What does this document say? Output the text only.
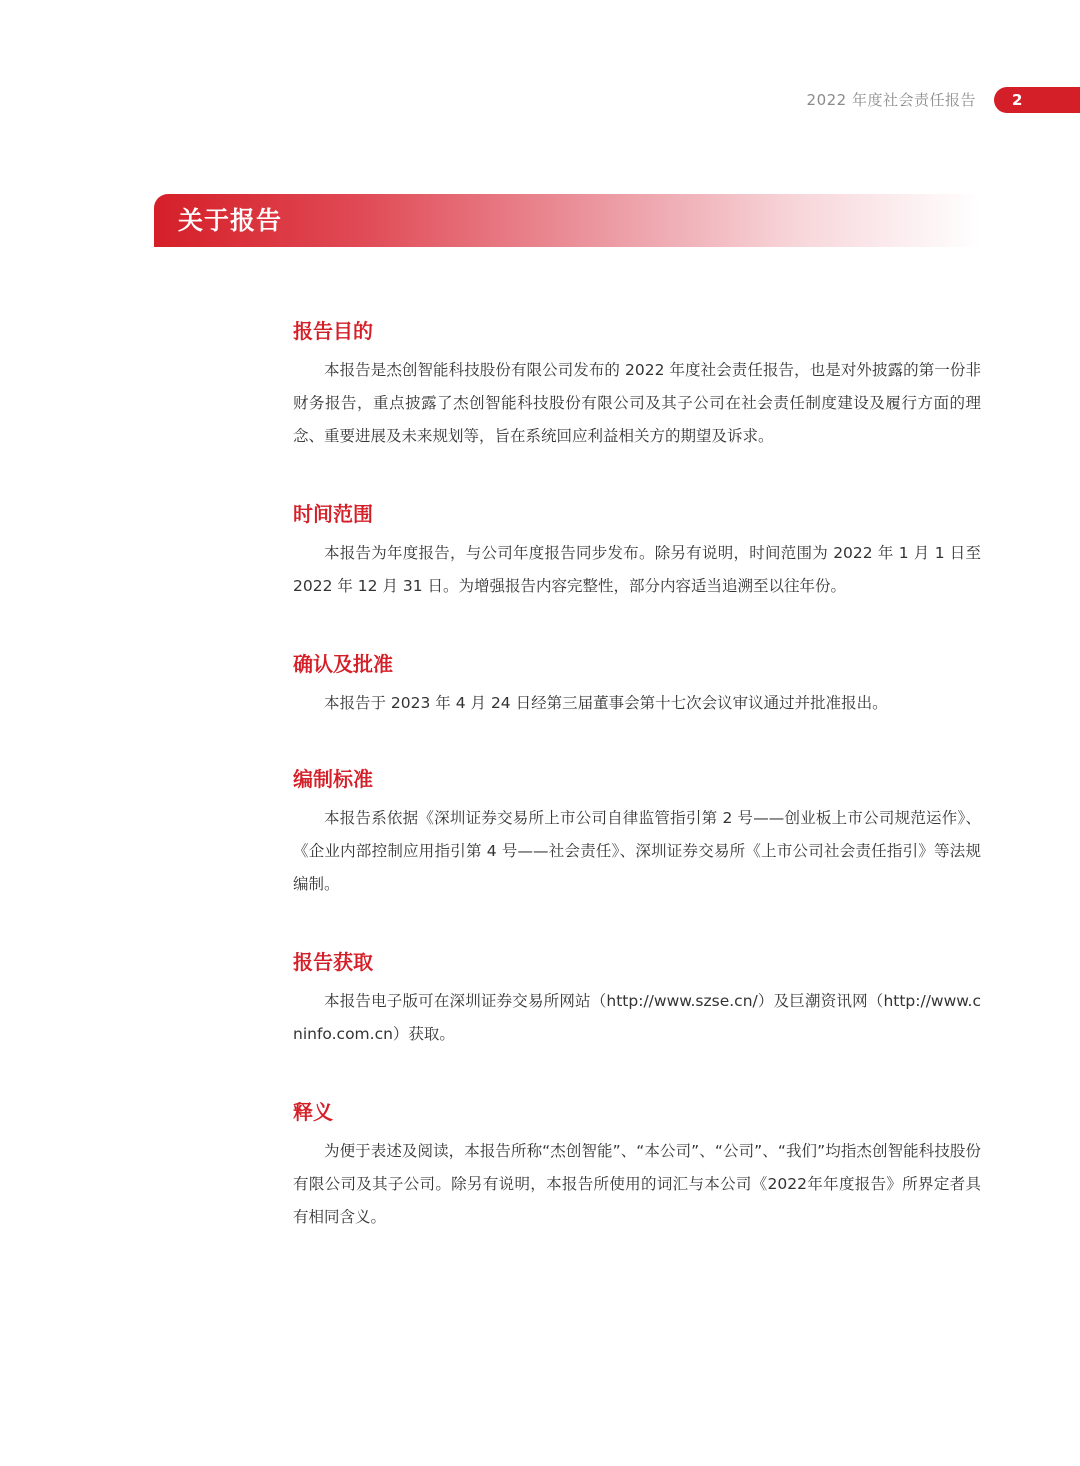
2022 年度社会责任报告 2
关于报告
报告目的

本报告是杰创智能科技股份有限公司发布的 2022 年度社会责任报告，也是对外披露的第一份非财务报告，重点披露了杰创智能科技股份有限公司及其子公司在社会责任制度建设及履行方面的理念、重要进展及未来规划等，旨在系统回应利益相关方的期望及诉求。

时间范围

本报告为年度报告，与公司年度报告同步发布。除另有说明，时间范围为 2022 年 1 月 1 日至 2022 年 12 月 31 日。为增强报告内容完整性，部分内容适当追溯至以往年份。

确认及批准

本报告于 2023 年 4 月 24 日经第三届董事会第十七次会议审议通过并批准报出。

编制标准

本报告系依据《深圳证券交易所上市公司自律监管指引第 2 号——创业板上市公司规范运作》、《企业内部控制应用指引第 4 号——社会责任》、深圳证券交易所《上市公司社会责任指引》等法规编制。

报告获取

本报告电子版可在深圳证券交易所网站（http://www.szse.cn/）及巨潮资讯网（http://www.cninfo.com.cn）获取。

释义

为便于表述及阅读，本报告所称“杰创智能”、“本公司”、“公司”、“我们”均指杰创智能科技股份有限公司及其子公司。除另有说明，本报告所使用的词汇与本公司《2022年年度报告》所界定者具有相同含义。
